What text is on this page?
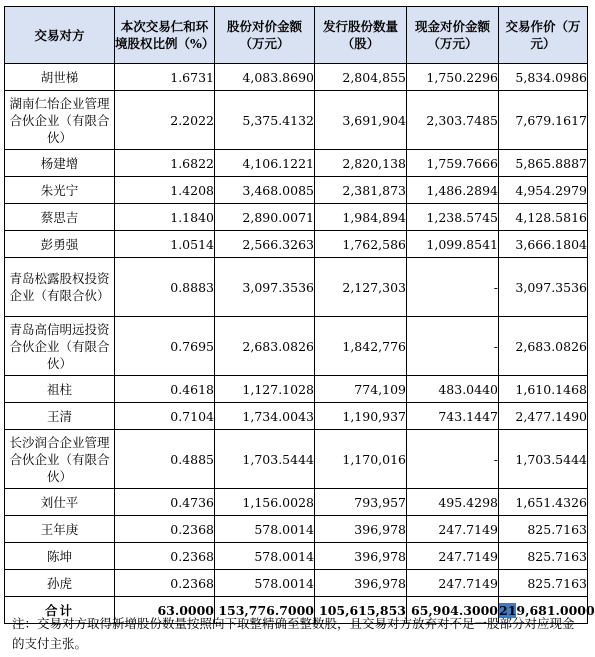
交易对方	本次交易仁和环境股权比例（%）	股份对价金额（万元）	发行股份数量（股）	现金对价金额（万元）	交易作价（万元）
胡世梯	1.6731	4,083.8690	2,804,855	1,750.2296	5,834.0986
湖南仁怡企业管理合伙企业（有限合伙）	2.2022	5,375.4132	3,691,904	2,303.7485	7,679.1617
杨建增	1.6822	4,106.1221	2,820,138	1,759.7666	5,865.8887
朱光宁	1.4208	3,468.0085	2,381,873	1,486.2894	4,954.2979
蔡思吉	1.1840	2,890.0071	1,984,894	1,238.5745	4,128.5816
彭勇强	1.0514	2,566.3263	1,762,586	1,099.8541	3,666.1804
青岛松露股权投资企业（有限合伙）	0.8883	3,097.3536	2,127,303	-	3,097.3536
青岛高信明远投资合伙企业（有限合伙）	0.7695	2,683.0826	1,842,776	-	2,683.0826
祖柱	0.4618	1,127.1028	774,109	483.0440	1,610.1468
王清	0.7104	1,734.0043	1,190,937	743.1447	2,477.1490
长沙润合企业管理合伙企业（有限合伙）	0.4885	1,703.5444	1,170,016	-	1,703.5444
刘仕平	0.4736	1,156.0028	793,957	495.4298	1,651.4326
王年庚	0.2368	578.0014	396,978	247.7149	825.7163
陈坤	0.2368	578.0014	396,978	247.7149	825.7163
孙虎	0.2368	578.0014	396,978	247.7149	825.7163
合计	63.0000	153,776.7000	105,615,853	65,904.3000	219,681.0000
注：交易对方取得新增股份数量按照向下取整精确至整数股，且交易对方放弃对不足一股部分对应现金的支付主张。
